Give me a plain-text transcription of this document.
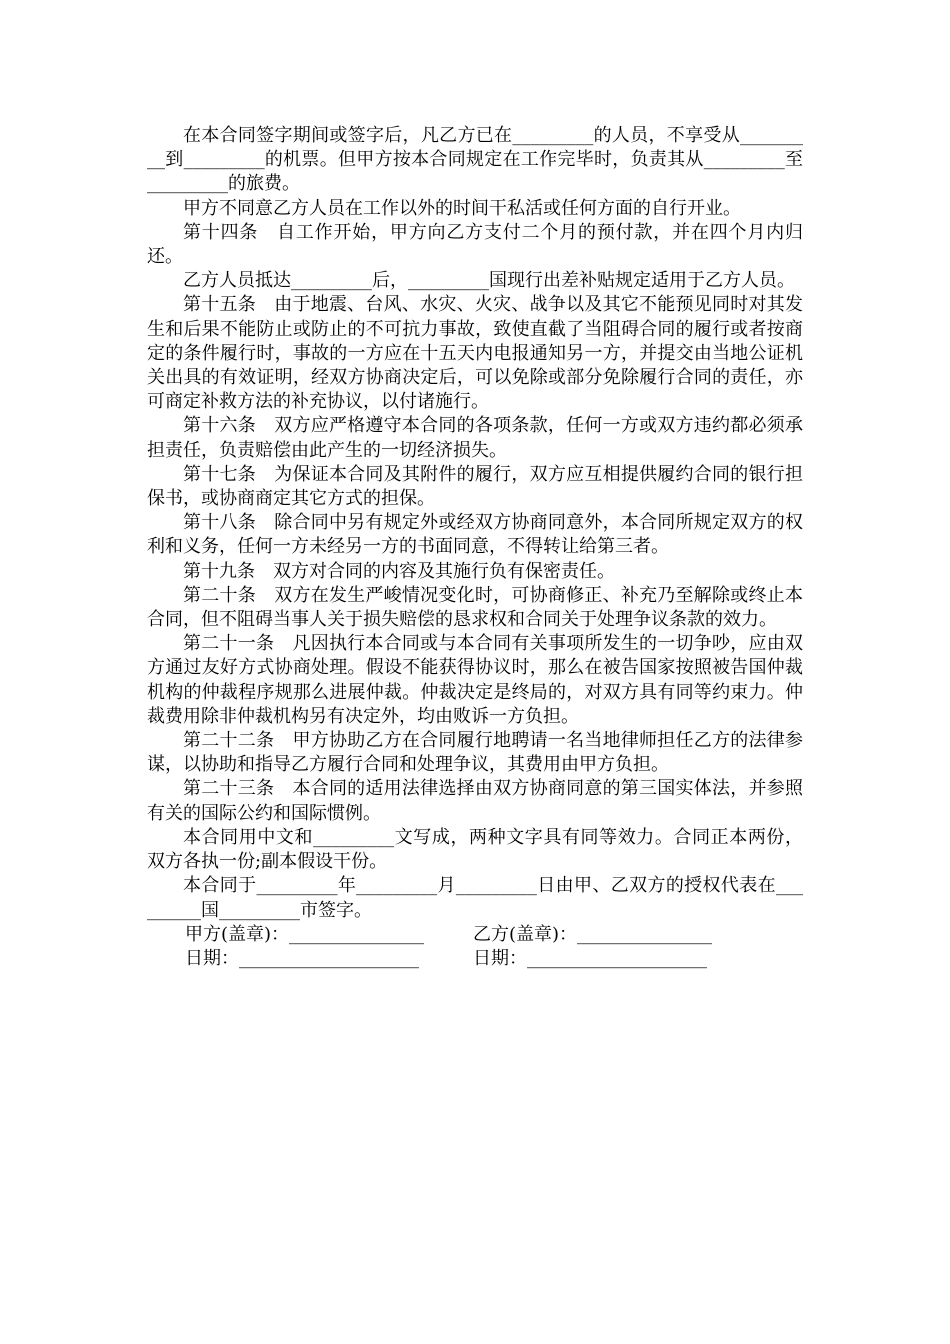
在本合同签字期间或签字后，凡乙方已在_________的人员，不享受从_________到_________的机票。但甲方按本合同规定在工作完毕时，负责其从_________至_________的旅费。

甲方不同意乙方人员在工作以外的时间干私活或任何方面的自行开业。

第十四条　自工作开始，甲方向乙方支付二个月的预付款，并在四个月内归还。

乙方人员抵达_________后，_________国现行出差补贴规定适用于乙方人员。

第十五条　由于地震、台风、水灾、火灾、战争以及其它不能预见同时对其发生和后果不能防止或防止的不可抗力事故，致使直截了当阻碍合同的履行或者按商定的条件履行时，事故的一方应在十五天内电报通知另一方，并提交由当地公证机关出具的有效证明，经双方协商决定后，可以免除或部分免除履行合同的责任，亦可商定补救方法的补充协议，以付诸施行。

第十六条　双方应严格遵守本合同的各项条款，任何一方或双方违约都必须承担责任，负责赔偿由此产生的一切经济损失。

第十七条　为保证本合同及其附件的履行，双方应互相提供履约合同的银行担保书，或协商商定其它方式的担保。

第十八条　除合同中另有规定外或经双方协商同意外，本合同所规定双方的权利和义务，任何一方未经另一方的书面同意，不得转让给第三者。

第十九条　双方对合同的内容及其施行负有保密责任。

第二十条　双方在发生严峻情况变化时，可协商修正、补充乃至解除或终止本合同，但不阻碍当事人关于损失赔偿的恳求权和合同关于处理争议条款的效力。

第二十一条　凡因执行本合同或与本合同有关事项所发生的一切争吵，应由双方通过友好方式协商处理。假设不能获得协议时，那么在被告国家按照被告国仲裁机构的仲裁程序规那么进展仲裁。仲裁决定是终局的，对双方具有同等约束力。仲裁费用除非仲裁机构另有决定外，均由败诉一方负担。

第二十二条　甲方协助乙方在合同履行地聘请一名当地律师担任乙方的法律参谋，以协助和指导乙方履行合同和处理争议，其费用由甲方负担。

第二十三条　本合同的适用法律选择由双方协商同意的第三国实体法，并参照有关的国际公约和国际惯例。

本合同用中文和_________文写成，两种文字具有同等效力。合同正本两份，双方各执一份;副本假设干份。

本合同于_________年_________月_________日由甲、乙双方的授权代表在_________国_________市签字。

甲方(盖章)：_______________	乙方(盖章)：_______________
日期：____________________	日期：____________________
